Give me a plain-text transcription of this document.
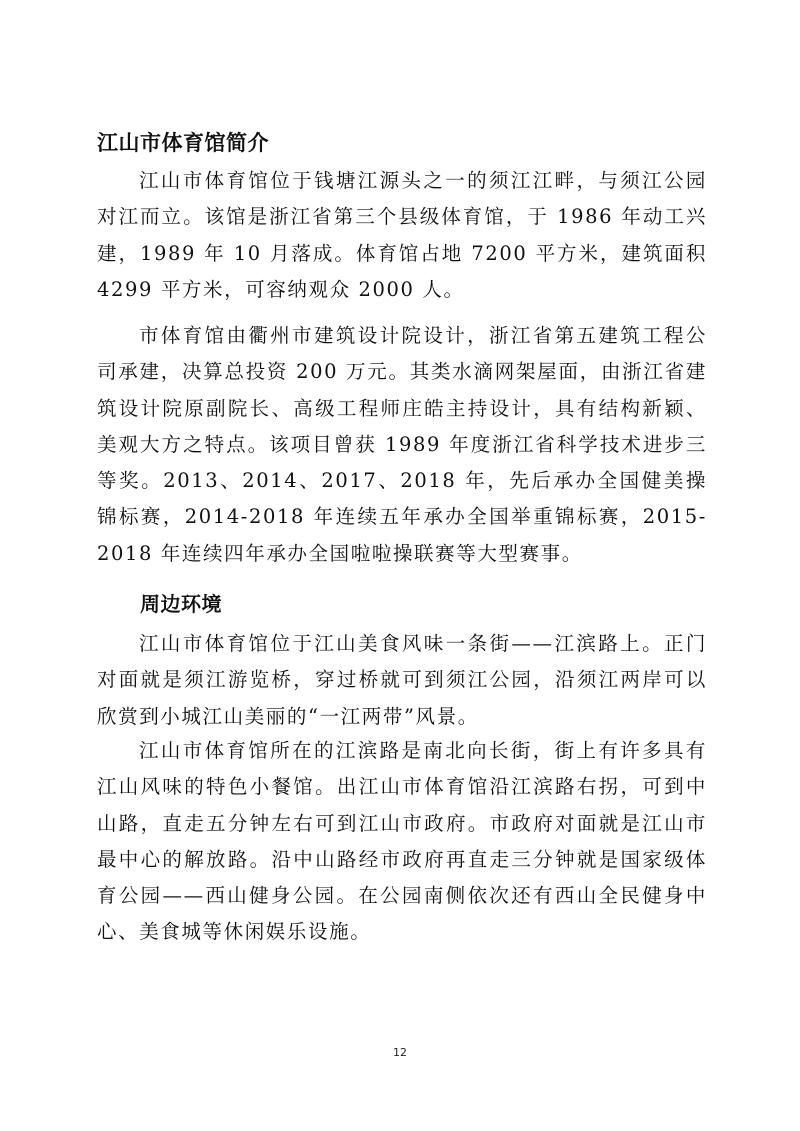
江山市体育馆简介

江山市体育馆位于钱塘江源头之一的须江江畔，与须江公园对江而立。该馆是浙江省第三个县级体育馆，于 1986 年动工兴建，1989 年 10 月落成。体育馆占地 7200 平方米，建筑面积 4299 平方米，可容纳观众 2000 人。

市体育馆由衢州市建筑设计院设计，浙江省第五建筑工程公司承建，决算总投资 200 万元。其类水滴网架屋面，由浙江省建筑设计院原副院长、高级工程师庄皓主持设计，具有结构新颖、美观大方之特点。该项目曾获 1989 年度浙江省科学技术进步三等奖。2013、2014、2017、2018 年，先后承办全国健美操锦标赛，2014-2018 年连续五年承办全国举重锦标赛，2015-2018 年连续四年承办全国啦啦操联赛等大型赛事。

周边环境

江山市体育馆位于江山美食风味一条街——江滨路上。正门对面就是须江游览桥，穿过桥就可到须江公园，沿须江两岸可以欣赏到小城江山美丽的“一江两带”风景。

江山市体育馆所在的江滨路是南北向长街，街上有许多具有江山风味的特色小餐馆。出江山市体育馆沿江滨路右拐，可到中山路，直走五分钟左右可到江山市政府。市政府对面就是江山市最中心的解放路。沿中山路经市政府再直走三分钟就是国家级体育公园——西山健身公园。在公园南侧依次还有西山全民健身中心、美食城等休闲娱乐设施。

12
